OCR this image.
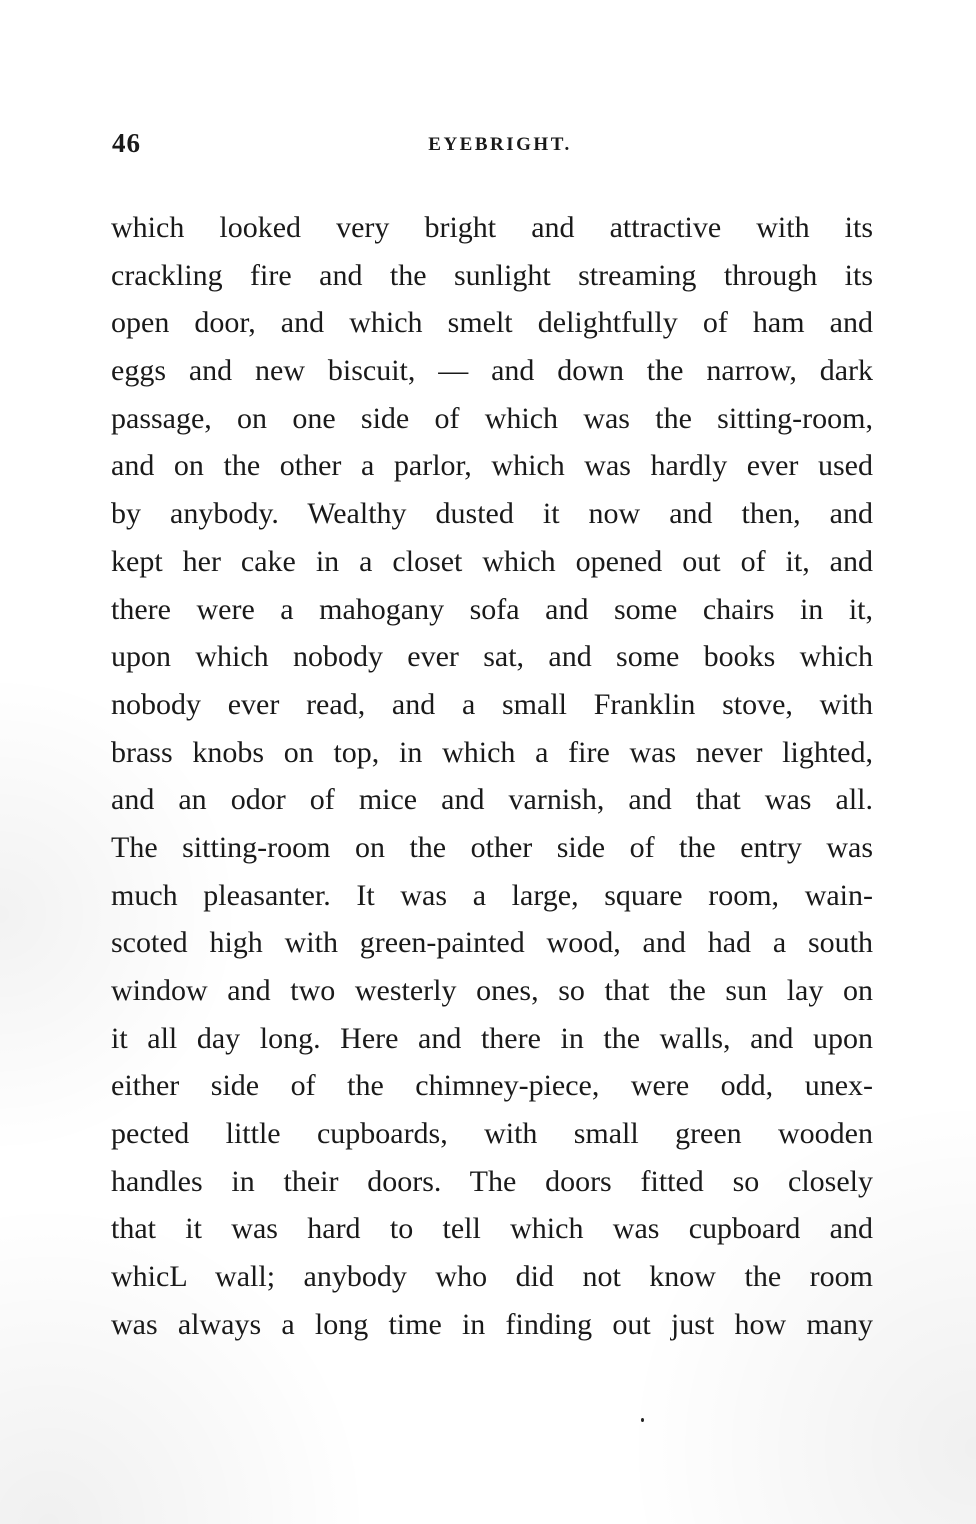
46	EYEBRIGHT.
which looked very bright and attractive with its
crackling fire and the sunlight streaming through its
open door, and which smelt delightfully of ham and
eggs and new biscuit, — and down the narrow, dark
passage, on one side of which was the sitting-room,
and on the other a parlor, which was hardly ever used
by anybody. Wealthy dusted it now and then, and
kept her cake in a closet which opened out of it, and
there were a mahogany sofa and some chairs in it,
upon which nobody ever sat, and some books which
nobody ever read, and a small Franklin stove, with
brass knobs on top, in which a fire was never lighted,
and an odor of mice and varnish, and that was all.
The sitting-room on the other side of the entry was
much pleasanter. It was a large, square room, wain-
scoted high with green-painted wood, and had a south
window and two westerly ones, so that the sun lay on
it all day long. Here and there in the walls, and upon
either side of the chimney-piece, were odd, unex-
pected little cupboards, with small green wooden
handles in their doors. The doors fitted so closely
that it was hard to tell which was cupboard and
whicL wall; anybody who did not know the room
was always a long time in finding out just how many
